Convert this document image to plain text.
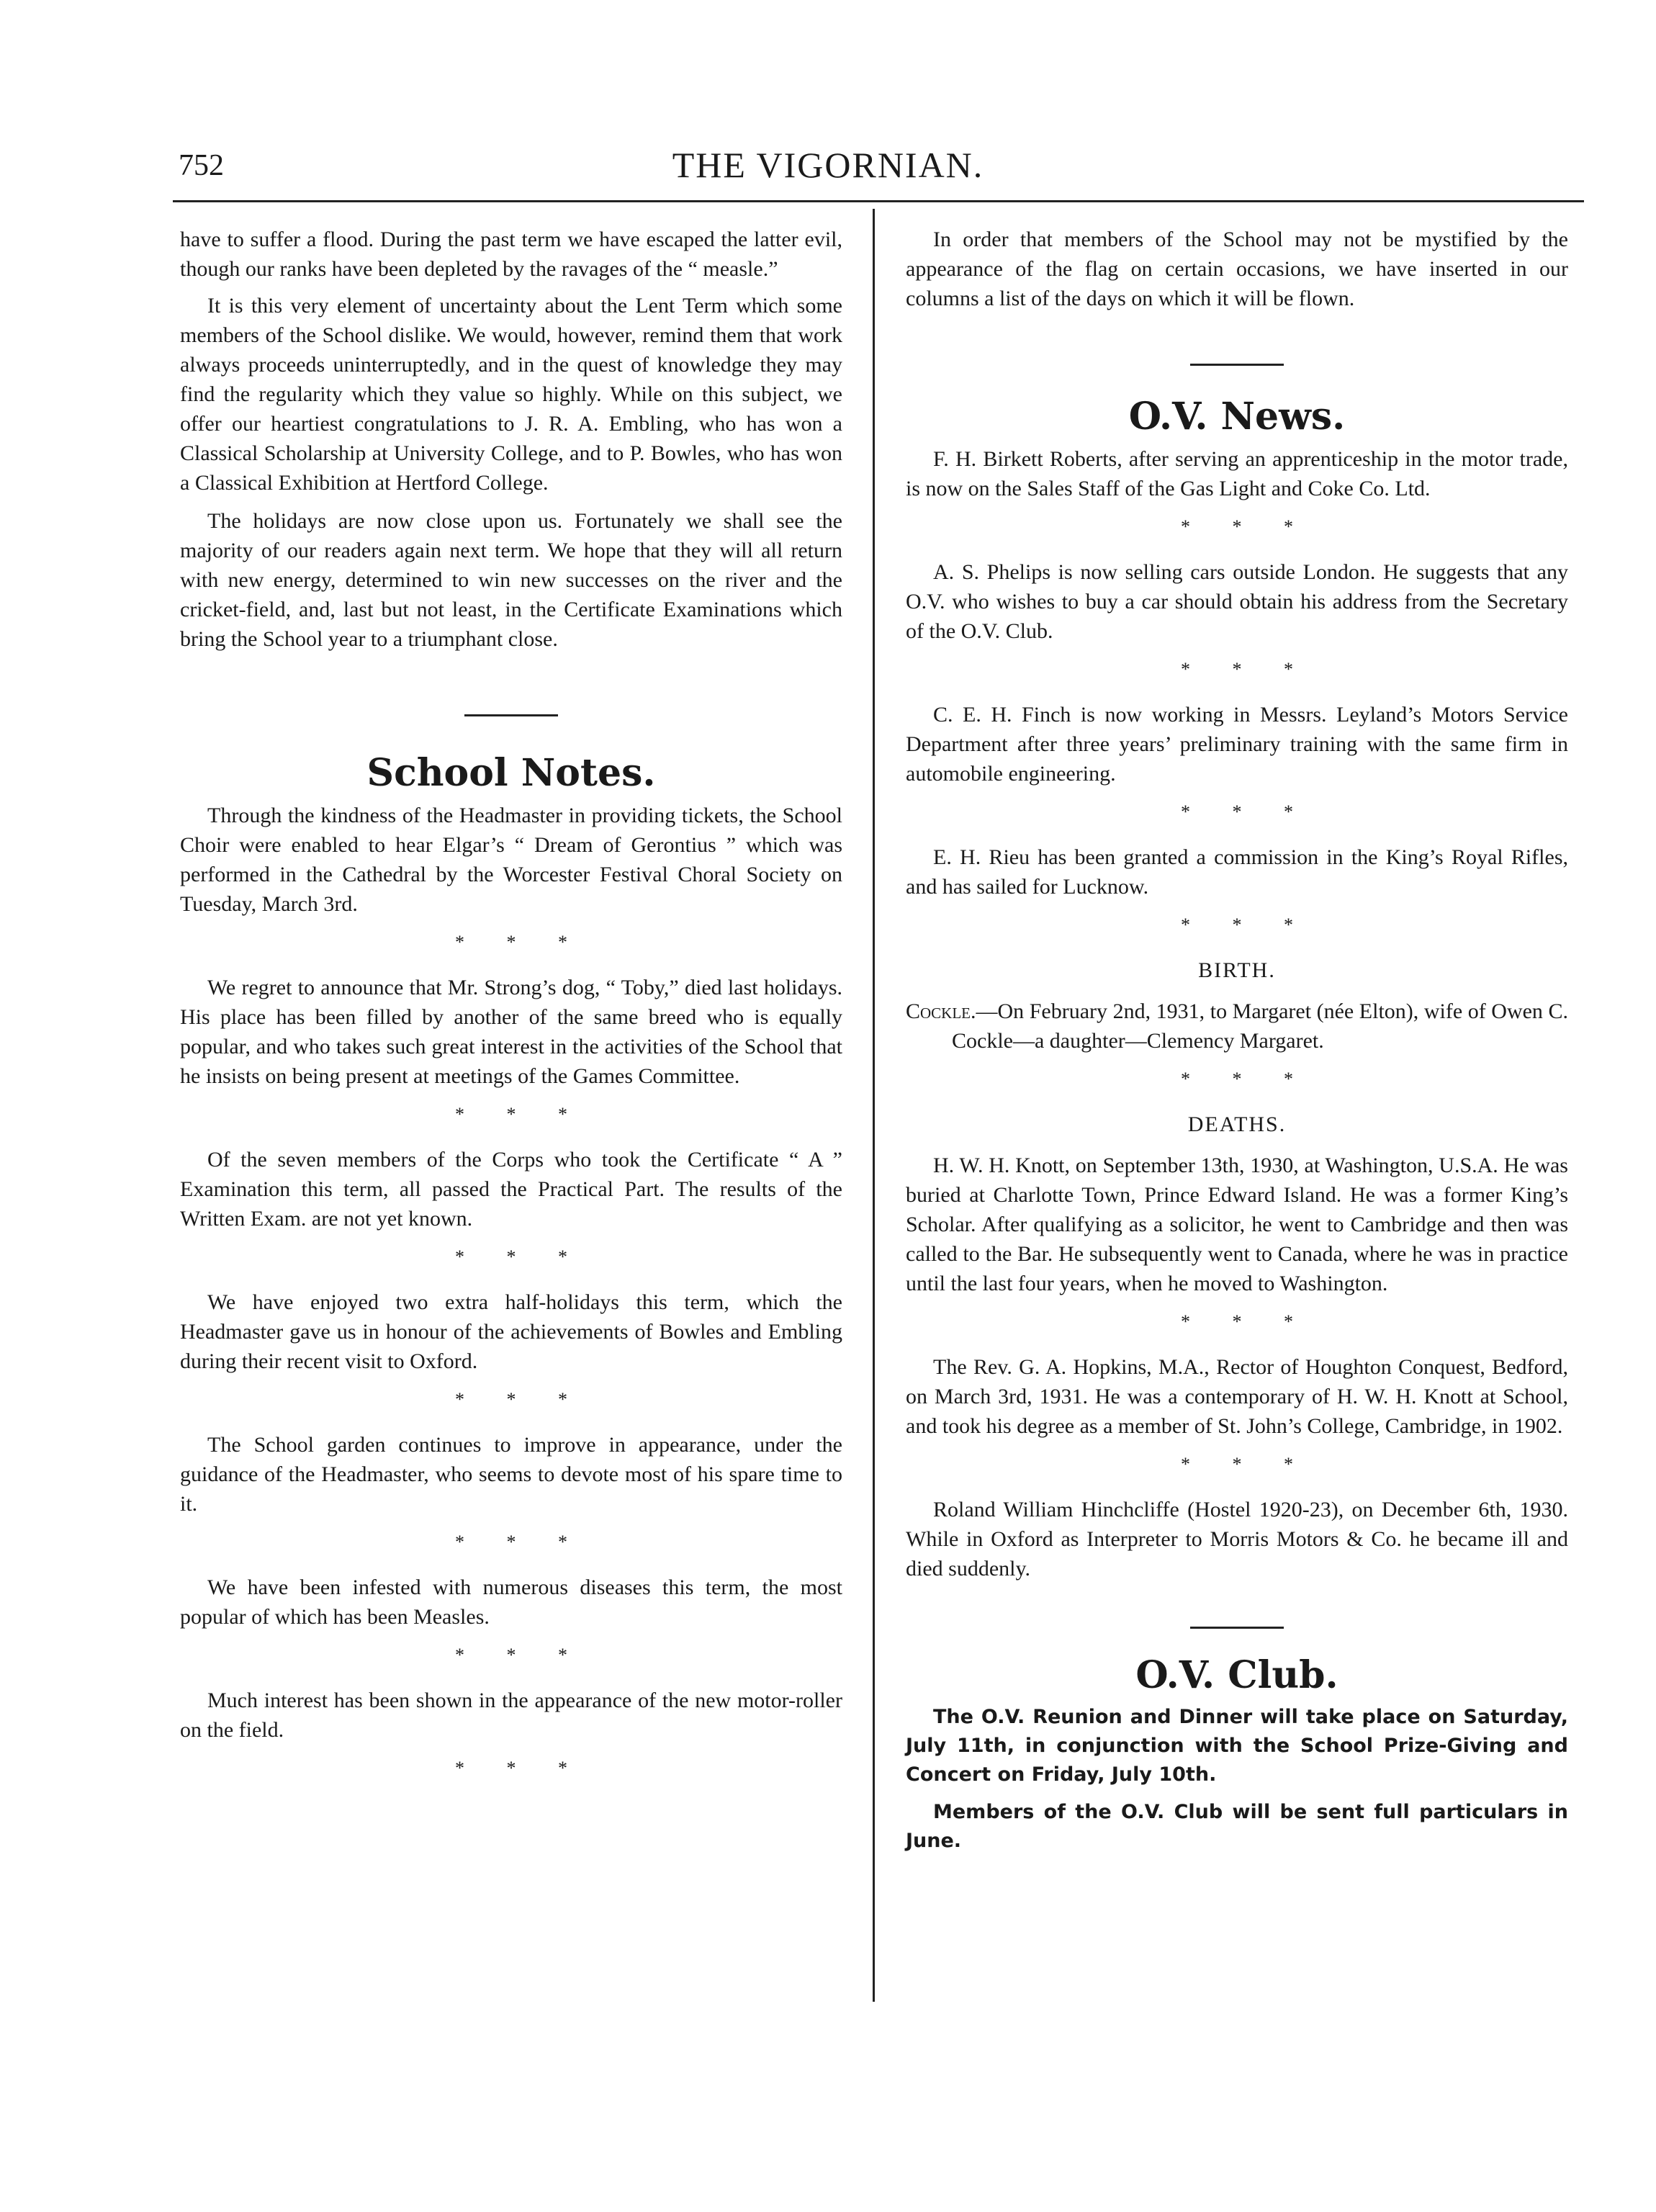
752	THE VIGORNIAN.

have to suffer a flood. During the past term we have escaped the latter evil, though our ranks have been depleted by the ravages of the “ measle.”

It is this very element of uncertainty about the Lent Term which some members of the School dislike. We would, however, remind them that work always proceeds uninterruptedly, and in the quest of knowledge they may find the regularity which they value so highly. While on this subject, we offer our heartiest congratulations to J. R. A. Embling, who has won a Classical Scholarship at University College, and to P. Bowles, who has won a Classical Exhibition at Hertford College.

The holidays are now close upon us. Fortunately we shall see the majority of our readers again next term. We hope that they will all return with new energy, determined to win new successes on the river and the cricket-field, and, last but not least, in the Certificate Examinations which bring the School year to a triumphant close.

School Notes.

Through the kindness of the Headmaster in providing tickets, the School Choir were enabled to hear Elgar’s “ Dream of Gerontius ” which was performed in the Cathedral by the Worcester Festival Choral Society on Tuesday, March 3rd.

* * *

We regret to announce that Mr. Strong’s dog, “ Toby,” died last holidays. His place has been filled by another of the same breed who is equally popular, and who takes such great interest in the activities of the School that he insists on being present at meetings of the Games Committee.

* * *

Of the seven members of the Corps who took the Certificate “ A ” Examination this term, all passed the Practical Part. The results of the Written Exam. are not yet known.

* * *

We have enjoyed two extra half-holidays this term, which the Headmaster gave us in honour of the achievements of Bowles and Embling during their recent visit to Oxford.

* * *

The School garden continues to improve in appearance, under the guidance of the Headmaster, who seems to devote most of his spare time to it.

* * *

We have been infested with numerous diseases this term, the most popular of which has been Measles.

* * *

Much interest has been shown in the appearance of the new motor-roller on the field.

* * *

In order that members of the School may not be mystified by the appearance of the flag on certain occasions, we have inserted in our columns a list of the days on which it will be flown.

O.V. News.

F. H. Birkett Roberts, after serving an apprenticeship in the motor trade, is now on the Sales Staff of the Gas Light and Coke Co. Ltd.

* * *

A. S. Phelips is now selling cars outside London. He suggests that any O.V. who wishes to buy a car should obtain his address from the Secretary of the O.V. Club.

* * *

C. E. H. Finch is now working in Messrs. Leyland’s Motors Service Department after three years’ preliminary training with the same firm in automobile engineering.

* * *

E. H. Rieu has been granted a commission in the King’s Royal Rifles, and has sailed for Lucknow.

* * *
BIRTH.

Cockle.—On February 2nd, 1931, to Margaret (née Elton), wife of Owen C. Cockle—a daughter—Clemency Margaret.

* * *
DEATHS.

H. W. H. Knott, on September 13th, 1930, at Washington, U.S.A. He was buried at Charlotte Town, Prince Edward Island. He was a former King’s Scholar. After qualifying as a solicitor, he went to Cambridge and then was called to the Bar. He subsequently went to Canada, where he was in practice until the last four years, when he moved to Washington.

* * *

The Rev. G. A. Hopkins, M.A., Rector of Houghton Conquest, Bedford, on March 3rd, 1931. He was a contemporary of H. W. H. Knott at School, and took his degree as a member of St. John’s College, Cambridge, in 1902.

* * *

Roland William Hinchcliffe (Hostel 1920-23), on December 6th, 1930. While in Oxford as Interpreter to Morris Motors & Co. he became ill and died suddenly.

O.V. Club.

The O.V. Reunion and Dinner will take place on Saturday, July 11th, in conjunction with the School Prize-Giving and Concert on Friday, July 10th.

Members of the O.V. Club will be sent full particulars in June.
